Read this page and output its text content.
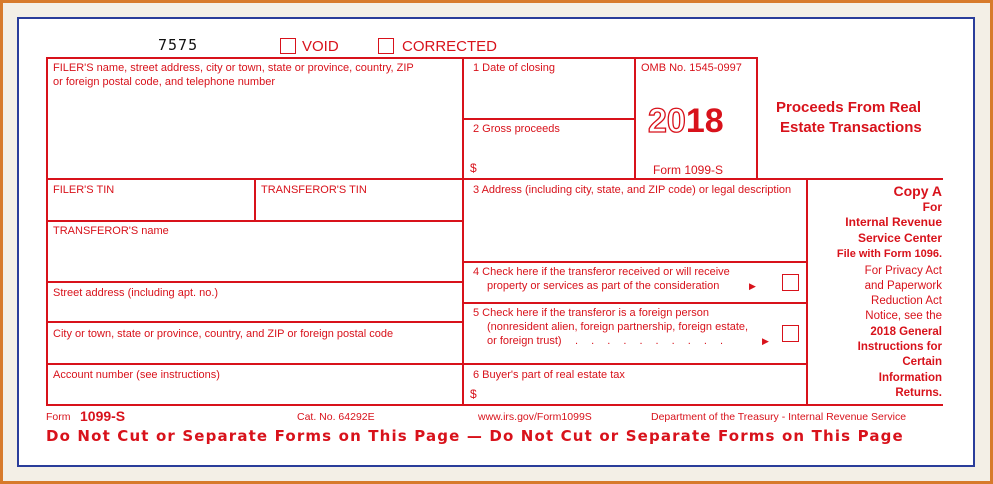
7575	VOID	CORRECTED
FILER'S name, street address, city or town, state or province, country, ZIP
or foreign postal code, and telephone number
1 Date of closing	OMB No. 1545-0997
2 Gross proceeds
$
2018
Form 1099-S
Proceeds From Real
Estate Transactions
FILER'S TIN	TRANSFEROR'S TIN	3 Address (including city, state, and ZIP code) or legal description
TRANSFEROR'S name
4 Check here if the transferor received or will receive
property or services as part of the consideration	▶
Street address (including apt. no.)
5 Check here if the transferor is a foreign person
(nonresident alien, foreign partnership, foreign estate,
or foreign trust) . . . . . . . . . .	▶
City or town, state or province, country, and ZIP or foreign postal code
Account number (see instructions)	6 Buyer's part of real estate tax
$
Copy A
For
Internal Revenue
Service Center
File with Form 1096.
For Privacy Act
and Paperwork
Reduction Act
Notice, see the
2018 General
Instructions for
Certain
Information
Returns.
Form 1099-S	Cat. No. 64292E	www.irs.gov/Form1099S	Department of the Treasury - Internal Revenue Service
Do Not Cut or Separate Forms on This Page — Do Not Cut or Separate Forms on This Page
